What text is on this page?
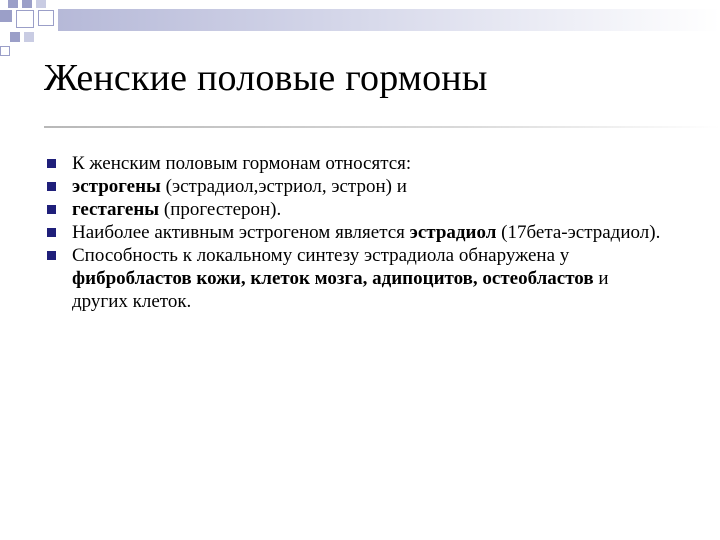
Женские половые гормоны
К женским половым гормонам относятся:
эстрогены (эстрадиол,эстриол, эстрон) и
гестагены (прогестерон).
Наиболее активным эстрогеном является эстрадиол (17бета-эстрадиол).
Способность к локальному синтезу эстрадиола обнаружена у фибробластов кожи, клеток мозга, адипоцитов, остеобластов и других клеток.
